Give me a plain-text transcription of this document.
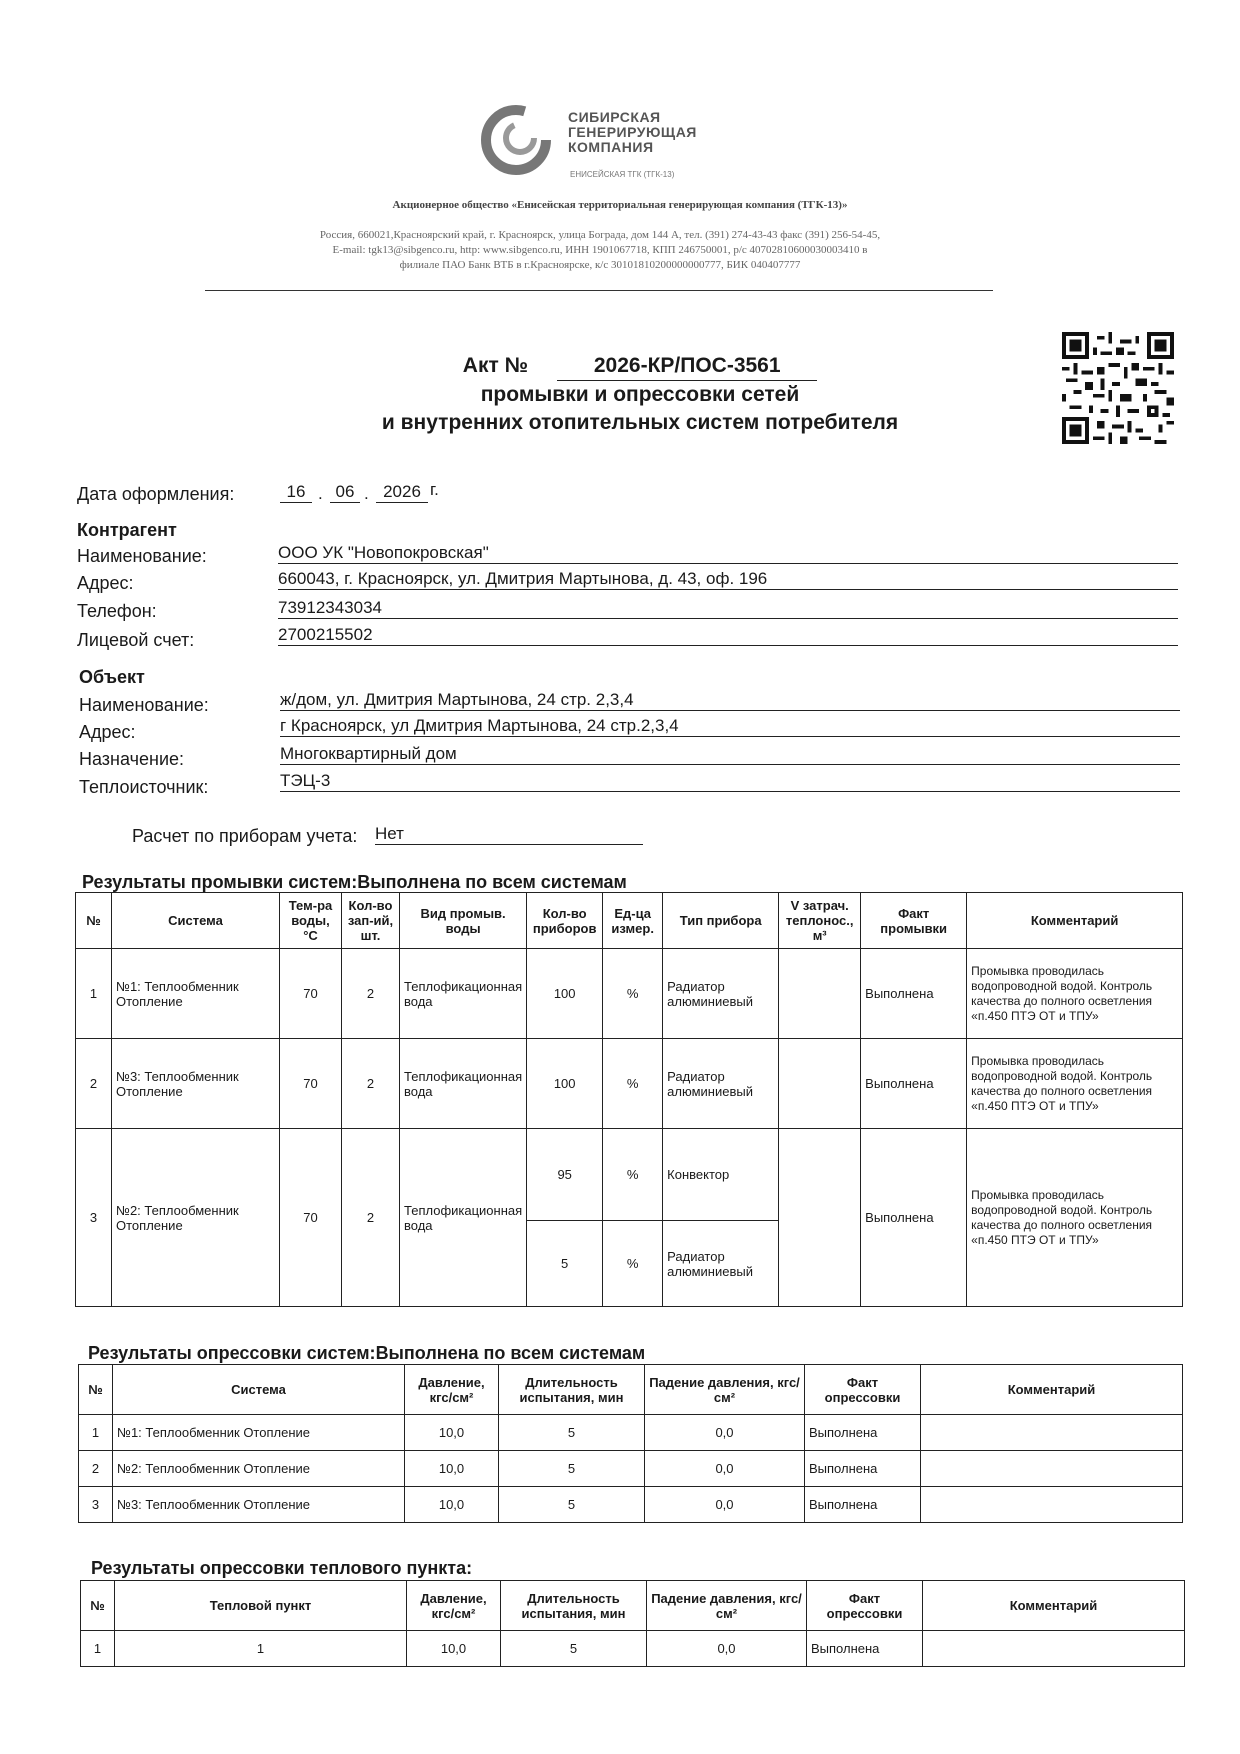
СИБИРСКАЯ
ГЕНЕРИРУЮЩАЯ
КОМПАНИЯ
ЕНИСЕЙСКАЯ ТГК (ТГК-13)
Акционерное общество «Енисейская территориальная генерирующая компания (ТГК-13)»
Россия, 660021,Красноярский край, г. Красноярск, улица Бограда, дом 144 А, тел. (391) 274-43-43 факс (391) 256-54-45,
E-mail: tgk13@sibgenco.ru, http: www.sibgenco.ru, ИНН 1901067718, КПП 246750001, р/с 40702810600030003410 в
филиале ПАО Банк ВТБ в г.Красноярске, к/с 30101810200000000777, БИК 040407777
Акт №	2026-КР/ПОС-3561
промывки и опрессовки сетей
и внутренних отопительных систем потребителя
Дата оформления:	16 . 06 . 2026 г.
Контрагент
Наименование:	ООО УК "Новопокровская"
Адрес:	660043, г. Красноярск, ул. Дмитрия Мартынова, д. 43, оф. 196
Телефон:	73912343034
Лицевой счет:	2700215502
Объект
Наименование:	ж/дом, ул. Дмитрия Мартынова, 24 стр. 2,3,4
Адрес:	г Красноярск, ул Дмитрия Мартынова, 24 стр.2,3,4
Назначение:	Многоквартирный дом
Теплоисточник:	ТЭЦ-3
Расчет по приборам учета: Нет
Результаты промывки систем:Выполнена по всем системам
№	Система	Тем-ра воды, °С	Кол-во зап-ий, шт.	Вид промыв. воды	Кол-во приборов	Ед-ца измер.	Тип прибора	V затрач. теплонос., м³	Факт промывки	Комментарий
1	№1: Теплообменник Отопление	70	2	Теплофикационная вода	100	%	Радиатор алюминиевый		Выполнена	Промывка проводилась водопроводной водой. Контроль качества до полного осветления «п.450 ПТЭ ОТ и ТПУ»
2	№3: Теплообменник Отопление	70	2	Теплофикационная вода	100	%	Радиатор алюминиевый		Выполнена	Промывка проводилась водопроводной водой. Контроль качества до полного осветления «п.450 ПТЭ ОТ и ТПУ»
3	№2: Теплообменник Отопление	70	2	Теплофикационная вода	95	%	Конвектор		Выполнена	Промывка проводилась водопроводной водой. Контроль качества до полного осветления «п.450 ПТЭ ОТ и ТПУ»
					5	%	Радиатор алюминиевый			
Результаты опрессовки систем:Выполнена по всем системам
№	Система	Давление, кгс/см²	Длительность испытания, мин	Падение давления, кгс/см²	Факт опрессовки	Комментарий
1	№1: Теплообменник Отопление	10,0	5	0,0	Выполнена	
2	№2: Теплообменник Отопление	10,0	5	0,0	Выполнена	
3	№3: Теплообменник Отопление	10,0	5	0,0	Выполнена	
Результаты опрессовки теплового пункта:
№	Тепловой пункт	Давление, кгс/см²	Длительность испытания, мин	Падение давления, кгс/см²	Факт опрессовки	Комментарий
1	1	10,0	5	0,0	Выполнена	
